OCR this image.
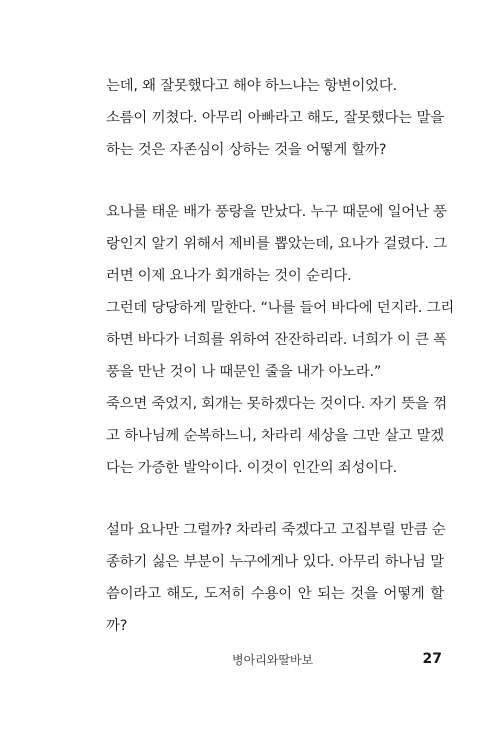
는데, 왜 잘못했다고 해야 하느냐는 항변이었다.
소름이 끼쳤다. 아무리 아빠라고 해도, 잘못했다는 말을
하는 것은 자존심이 상하는 것을 어떻게 할까?
요나를 태운 배가 풍랑을 만났다. 누구 때문에 일어난 풍
랑인지 알기 위해서 제비를 뽑았는데, 요나가 걸렸다. 그
러면 이제 요나가 회개하는 것이 순리다.
그런데 당당하게 말한다. “나를 들어 바다에 던지라. 그리
하면 바다가 너희를 위하여 잔잔하리라. 너희가 이 큰 폭
풍을 만난 것이 나 때문인 줄을 내가 아노라.”
죽으면 죽었지, 회개는 못하겠다는 것이다. 자기 뜻을 꺾
고 하나님께 순복하느니, 차라리 세상을 그만 살고 말겠
다는 가증한 발악이다. 이것이 인간의 죄성이다.
설마 요나만 그럴까? 차라리 죽겠다고 고집부릴 만큼 순
종하기 싫은 부분이 누구에게나 있다. 아무리 하나님 말
씀이라고 해도, 도저히 수용이 안 되는 것을 어떻게 할
까?
병아리와딸바보	27
